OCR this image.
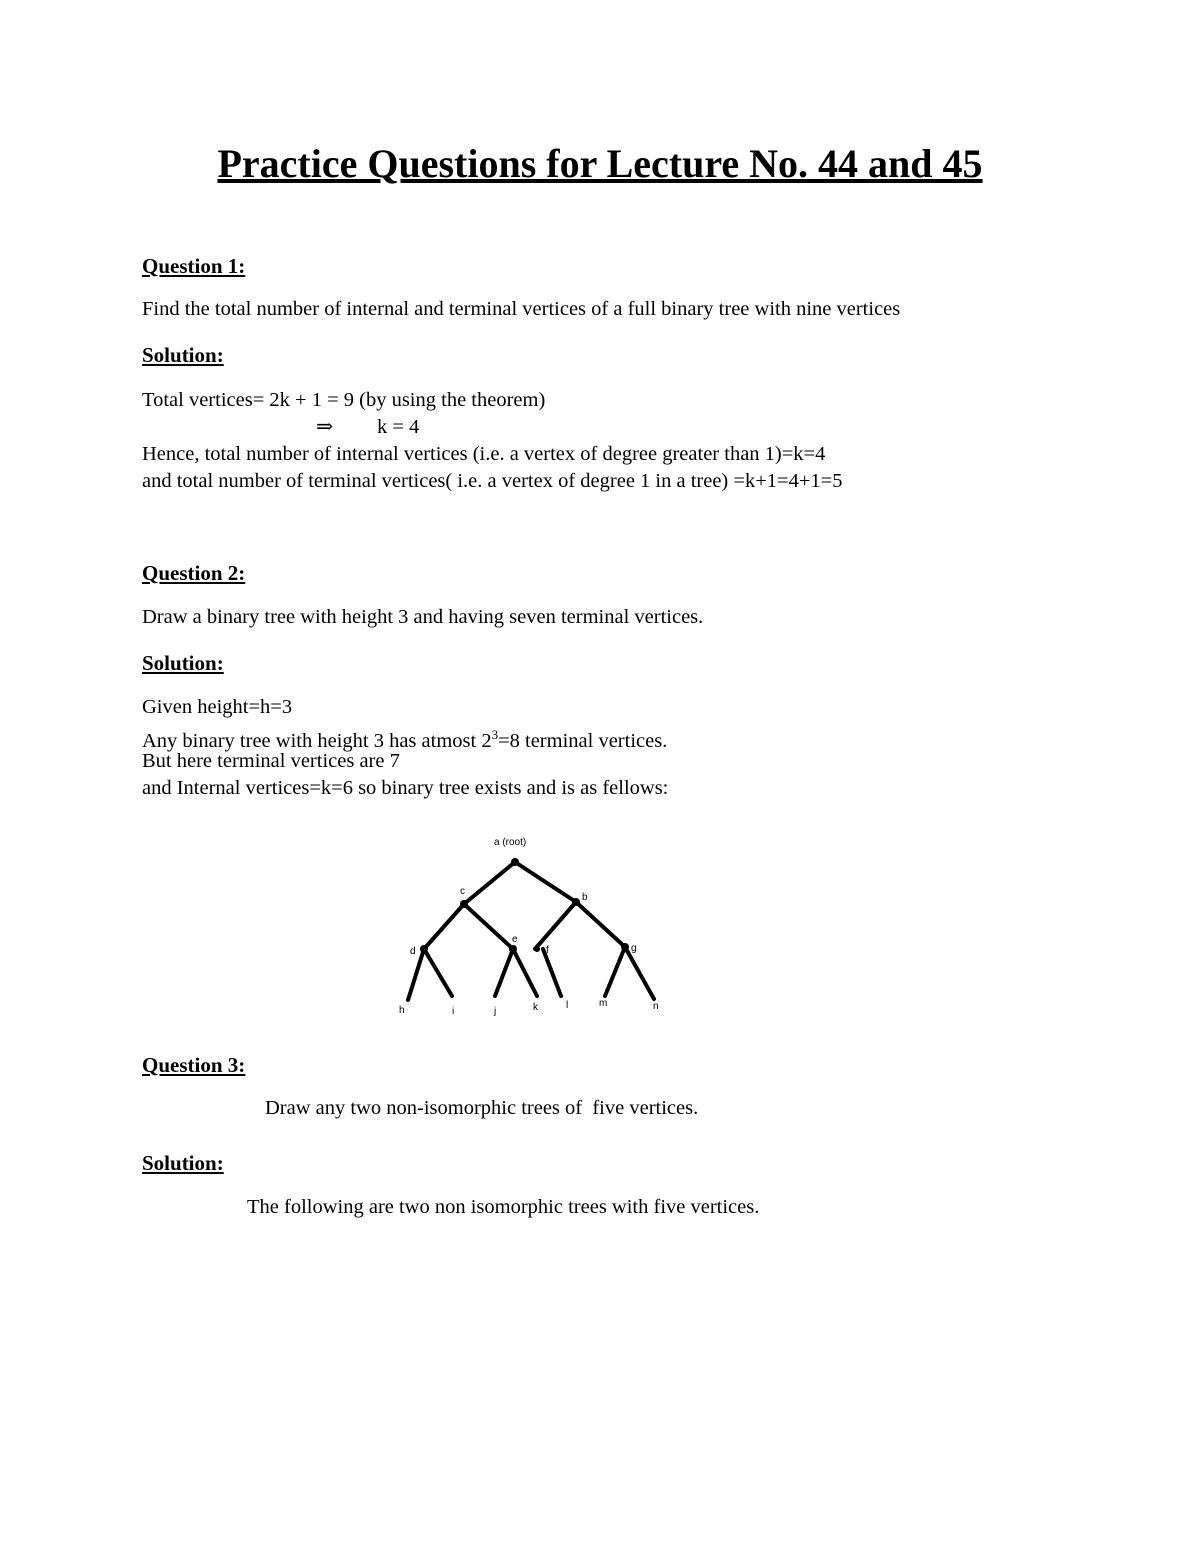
Practice Questions for Lecture No. 44 and 45
Question 1:
Find the total number of internal and terminal vertices of a full binary tree with nine vertices
Solution:
Total vertices= 2k + 1 = 9 (by using the theorem)
⇒ k = 4
Hence, total number of internal vertices (i.e. a vertex of degree greater than 1)=k=4
and total number of terminal vertices( i.e. a vertex of degree 1 in a tree) =k+1=4+1=5
Question 2:
Draw a binary tree with height 3 and having seven terminal vertices.
Solution:
Given height=h=3
Any binary tree with height 3 has atmost $2^3=8$ terminal vertices.
But here terminal vertices are 7
and Internal vertices=k=6 so binary tree exists and is as fellows:
a (root)
c
b
d
e
f	g
h	i	j	k	l	m	n
Question 3:
Draw any two non-isomorphic trees of  five vertices.
Solution:
The following are two non isomorphic trees with five vertices.
